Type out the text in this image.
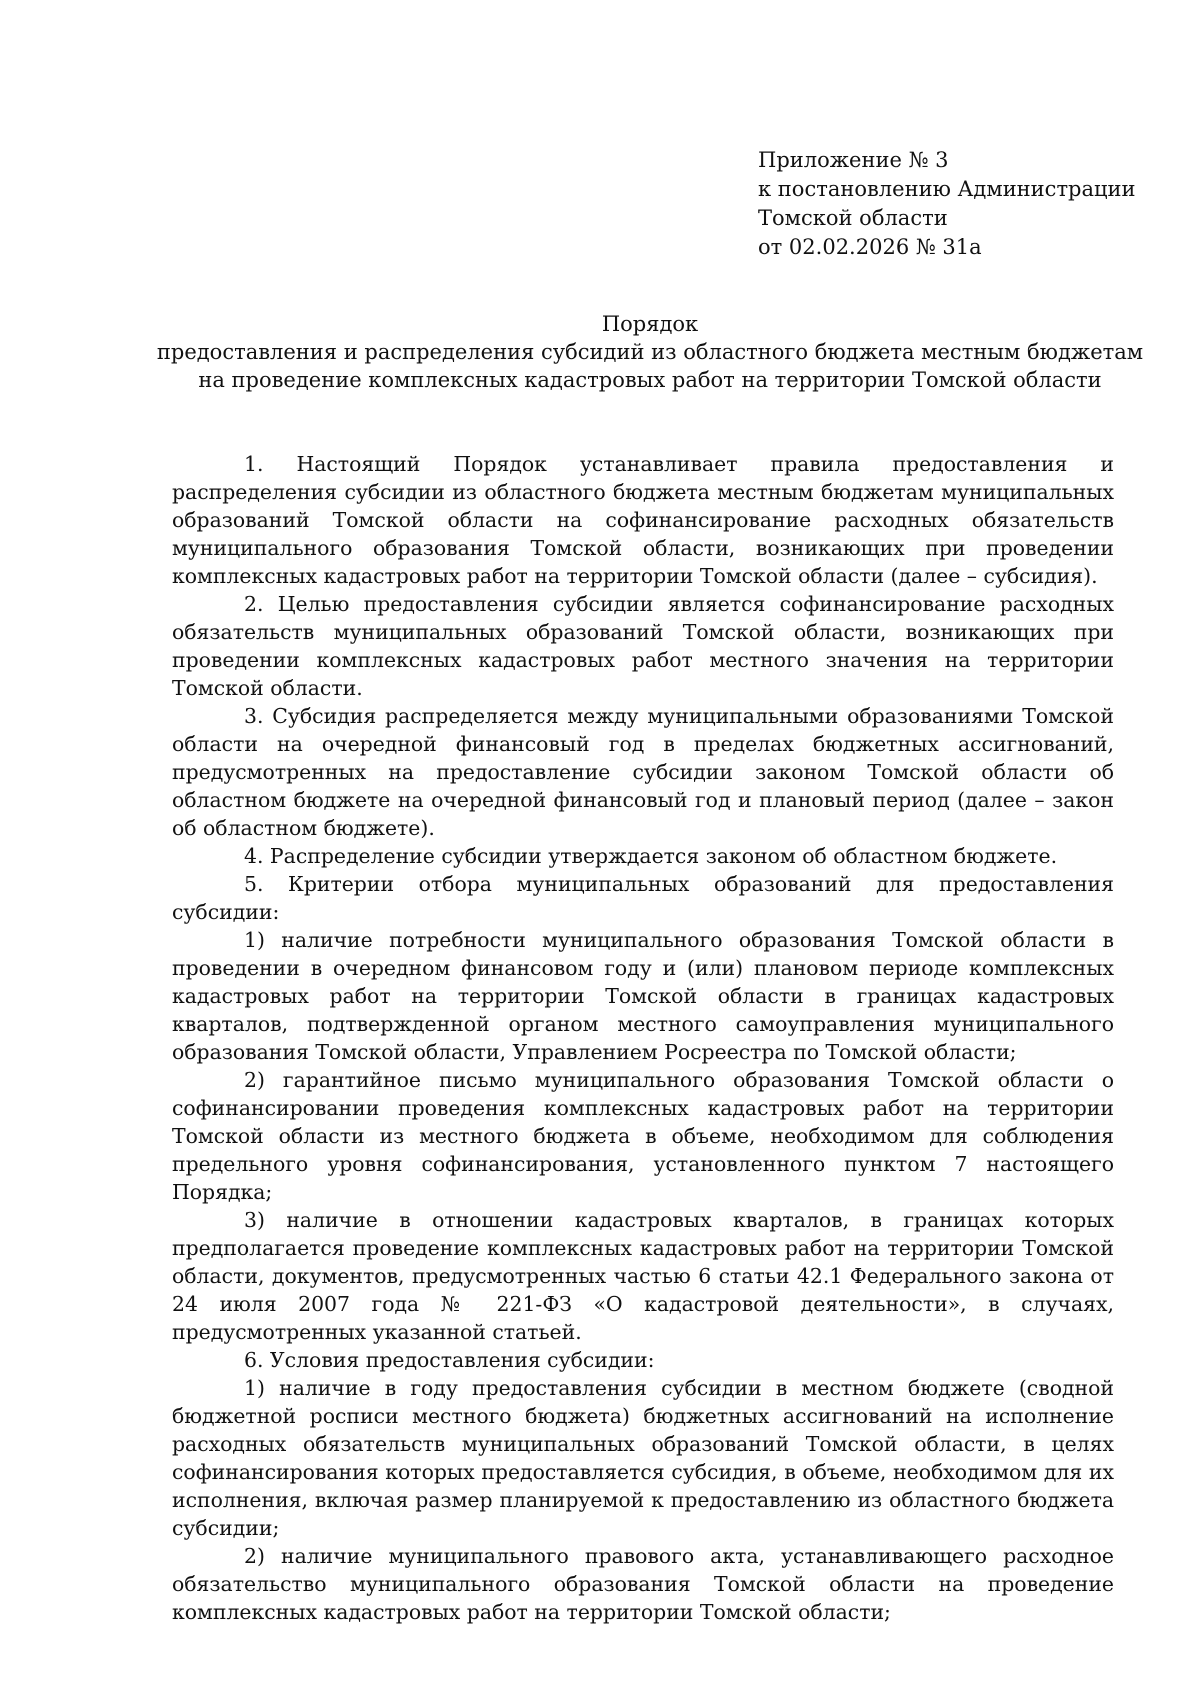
Приложение № 3
к постановлению Администрации
Томской области
от 02.02.2026 № 31а
Порядок
предоставления и распределения субсидий из областного бюджета местным бюджетам
на проведение комплексных кадастровых работ на территории Томской области

1. Настоящий Порядок устанавливает правила предоставления и распределения субсидии из областного бюджета местным бюджетам муниципальных образований Томской области на софинансирование расходных обязательств муниципального образования Томской области, возникающих при проведении комплексных кадастровых работ на территории Томской области (далее – субсидия).

2. Целью предоставления субсидии является софинансирование расходных обязательств муниципальных образований Томской области, возникающих при проведении комплексных кадастровых работ местного значения на территории Томской области.

3. Субсидия распределяется между муниципальными образованиями Томской области на очередной финансовый год в пределах бюджетных ассигнований, предусмотренных на предоставление субсидии законом Томской области об областном бюджете на очередной финансовый год и плановый период (далее – закон об областном бюджете).

4. Распределение субсидии утверждается законом об областном бюджете.

5. Критерии отбора муниципальных образований для предоставления субсидии:

1) наличие потребности муниципального образования Томской области в проведении в очередном финансовом году и (или) плановом периоде комплексных кадастровых работ на территории Томской области в границах кадастровых кварталов, подтвержденной органом местного самоуправления муниципального образования Томской области, Управлением Росреестра по Томской области;

2) гарантийное письмо муниципального образования Томской области о софинансировании проведения комплексных кадастровых работ на территории Томской области из местного бюджета в объеме, необходимом для соблюдения предельного уровня софинансирования, установленного пунктом 7 настоящего Порядка;

3) наличие в отношении кадастровых кварталов, в границах которых предполагается проведение комплексных кадастровых работ на территории Томской области, документов, предусмотренных частью 6 статьи 42.1 Федерального закона от 24 июля 2007 года № 221-ФЗ «О кадастровой деятельности», в случаях, предусмотренных указанной статьей.

6. Условия предоставления субсидии:

1) наличие в году предоставления субсидии в местном бюджете (сводной бюджетной росписи местного бюджета) бюджетных ассигнований на исполнение расходных обязательств муниципальных образований Томской области, в целях софинансирования которых предоставляется субсидия, в объеме, необходимом для их исполнения, включая размер планируемой к предоставлению из областного бюджета субсидии;

2) наличие муниципального правового акта, устанавливающего расходное обязательство муниципального образования Томской области на проведение комплексных кадастровых работ на территории Томской области;
